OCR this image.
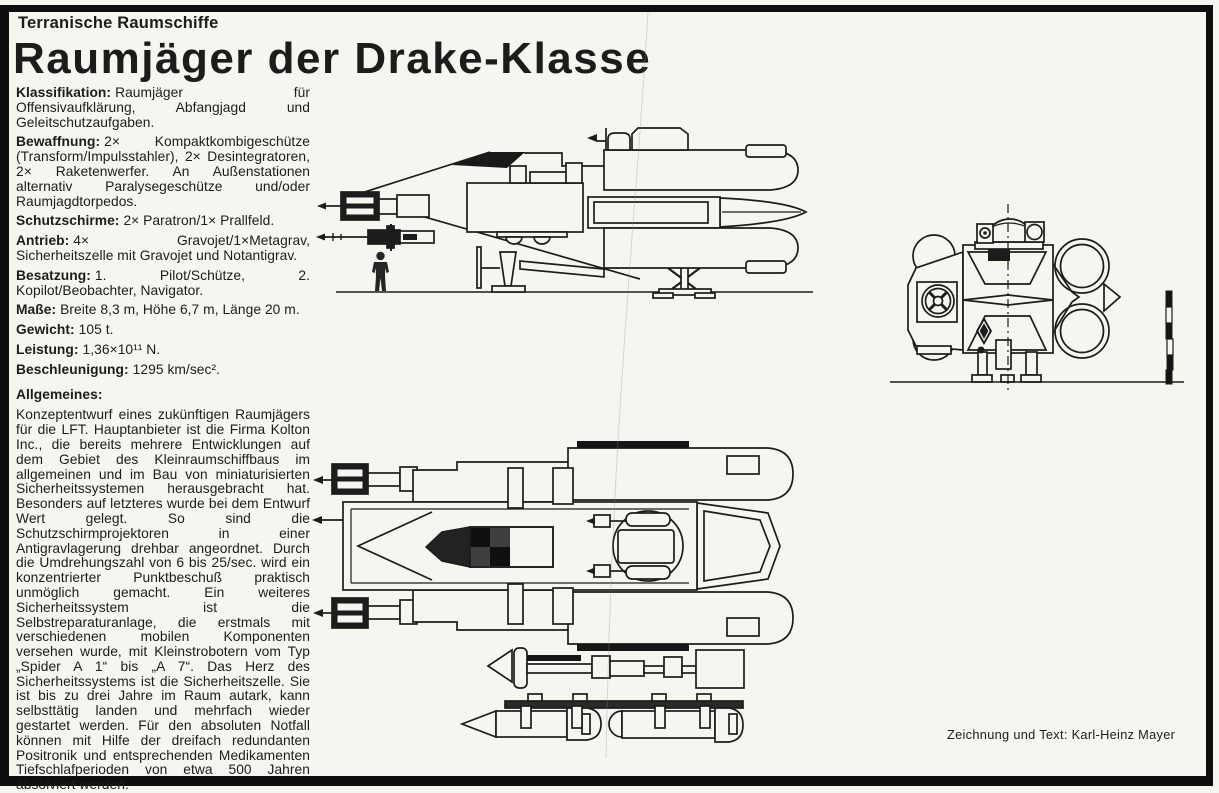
Terranische Raumschiffe
Raumjäger der Drake-Klasse

Klassifikation: Raumjäger für Offensivaufklärung, Abfangjagd und Geleitschutzaufgaben.

Bewaffnung: 2× Kompaktkombigeschütze (Transform/Impulsstahler), 2× Desintegratoren, 2× Raketenwerfer. An Außenstationen alternativ Paralysegeschütze und/oder Raumjagdtorpedos.

Schutzschirme: 2× Paratron/1× Prallfeld.

Antrieb: 4× Gravojet/1×Metagrav, Sicherheitszelle mit Gravojet und Notantigrav.

Besatzung: 1. Pilot/Schütze, 2. Kopilot/Beobachter, Navigator.

Maße: Breite 8,3 m, Höhe 6,7 m, Länge 20 m.

Gewicht: 105 t.

Leistung: 1,36×10¹¹ N.

Beschleunigung: 1295 km/sec².

Allgemeines:

Konzeptentwurf eines zukünftigen Raumjägers für die LFT. Hauptanbieter ist die Firma Kolton Inc., die bereits mehrere Entwicklungen auf dem Gebiet des Kleinraumschiffbaus im allgemeinen und im Bau von miniaturisierten Sicherheitssystemen herausgebracht hat. Besonders auf letzteres wurde bei dem Entwurf Wert gelegt. So sind die Schutzschirmprojektoren in einer Antigravlagerung drehbar angeordnet. Durch die Umdrehungszahl von 6 bis 25/sec. wird ein konzentrierter Punktbeschuß praktisch unmöglich gemacht. Ein weiteres Sicherheitssystem ist die Selbstreparaturanlage, die erstmals mit verschiedenen mobilen Komponenten versehen wurde, mit Kleinstrobotern vom Typ „Spider A 1“ bis „A 7“. Das Herz des Sicherheitssystems ist die Sicherheitszelle. Sie ist bis zu drei Jahre im Raum autark, kann selbsttätig landen und mehrfach wieder gestartet werden. Für den absoluten Notfall können mit Hilfe der dreifach redundanten Positronik und entsprechenden Medikamenten Tiefschlafperioden von etwa 500 Jahren absolviert werden.

Zeichnung und Text: Karl-Heinz Mayer
